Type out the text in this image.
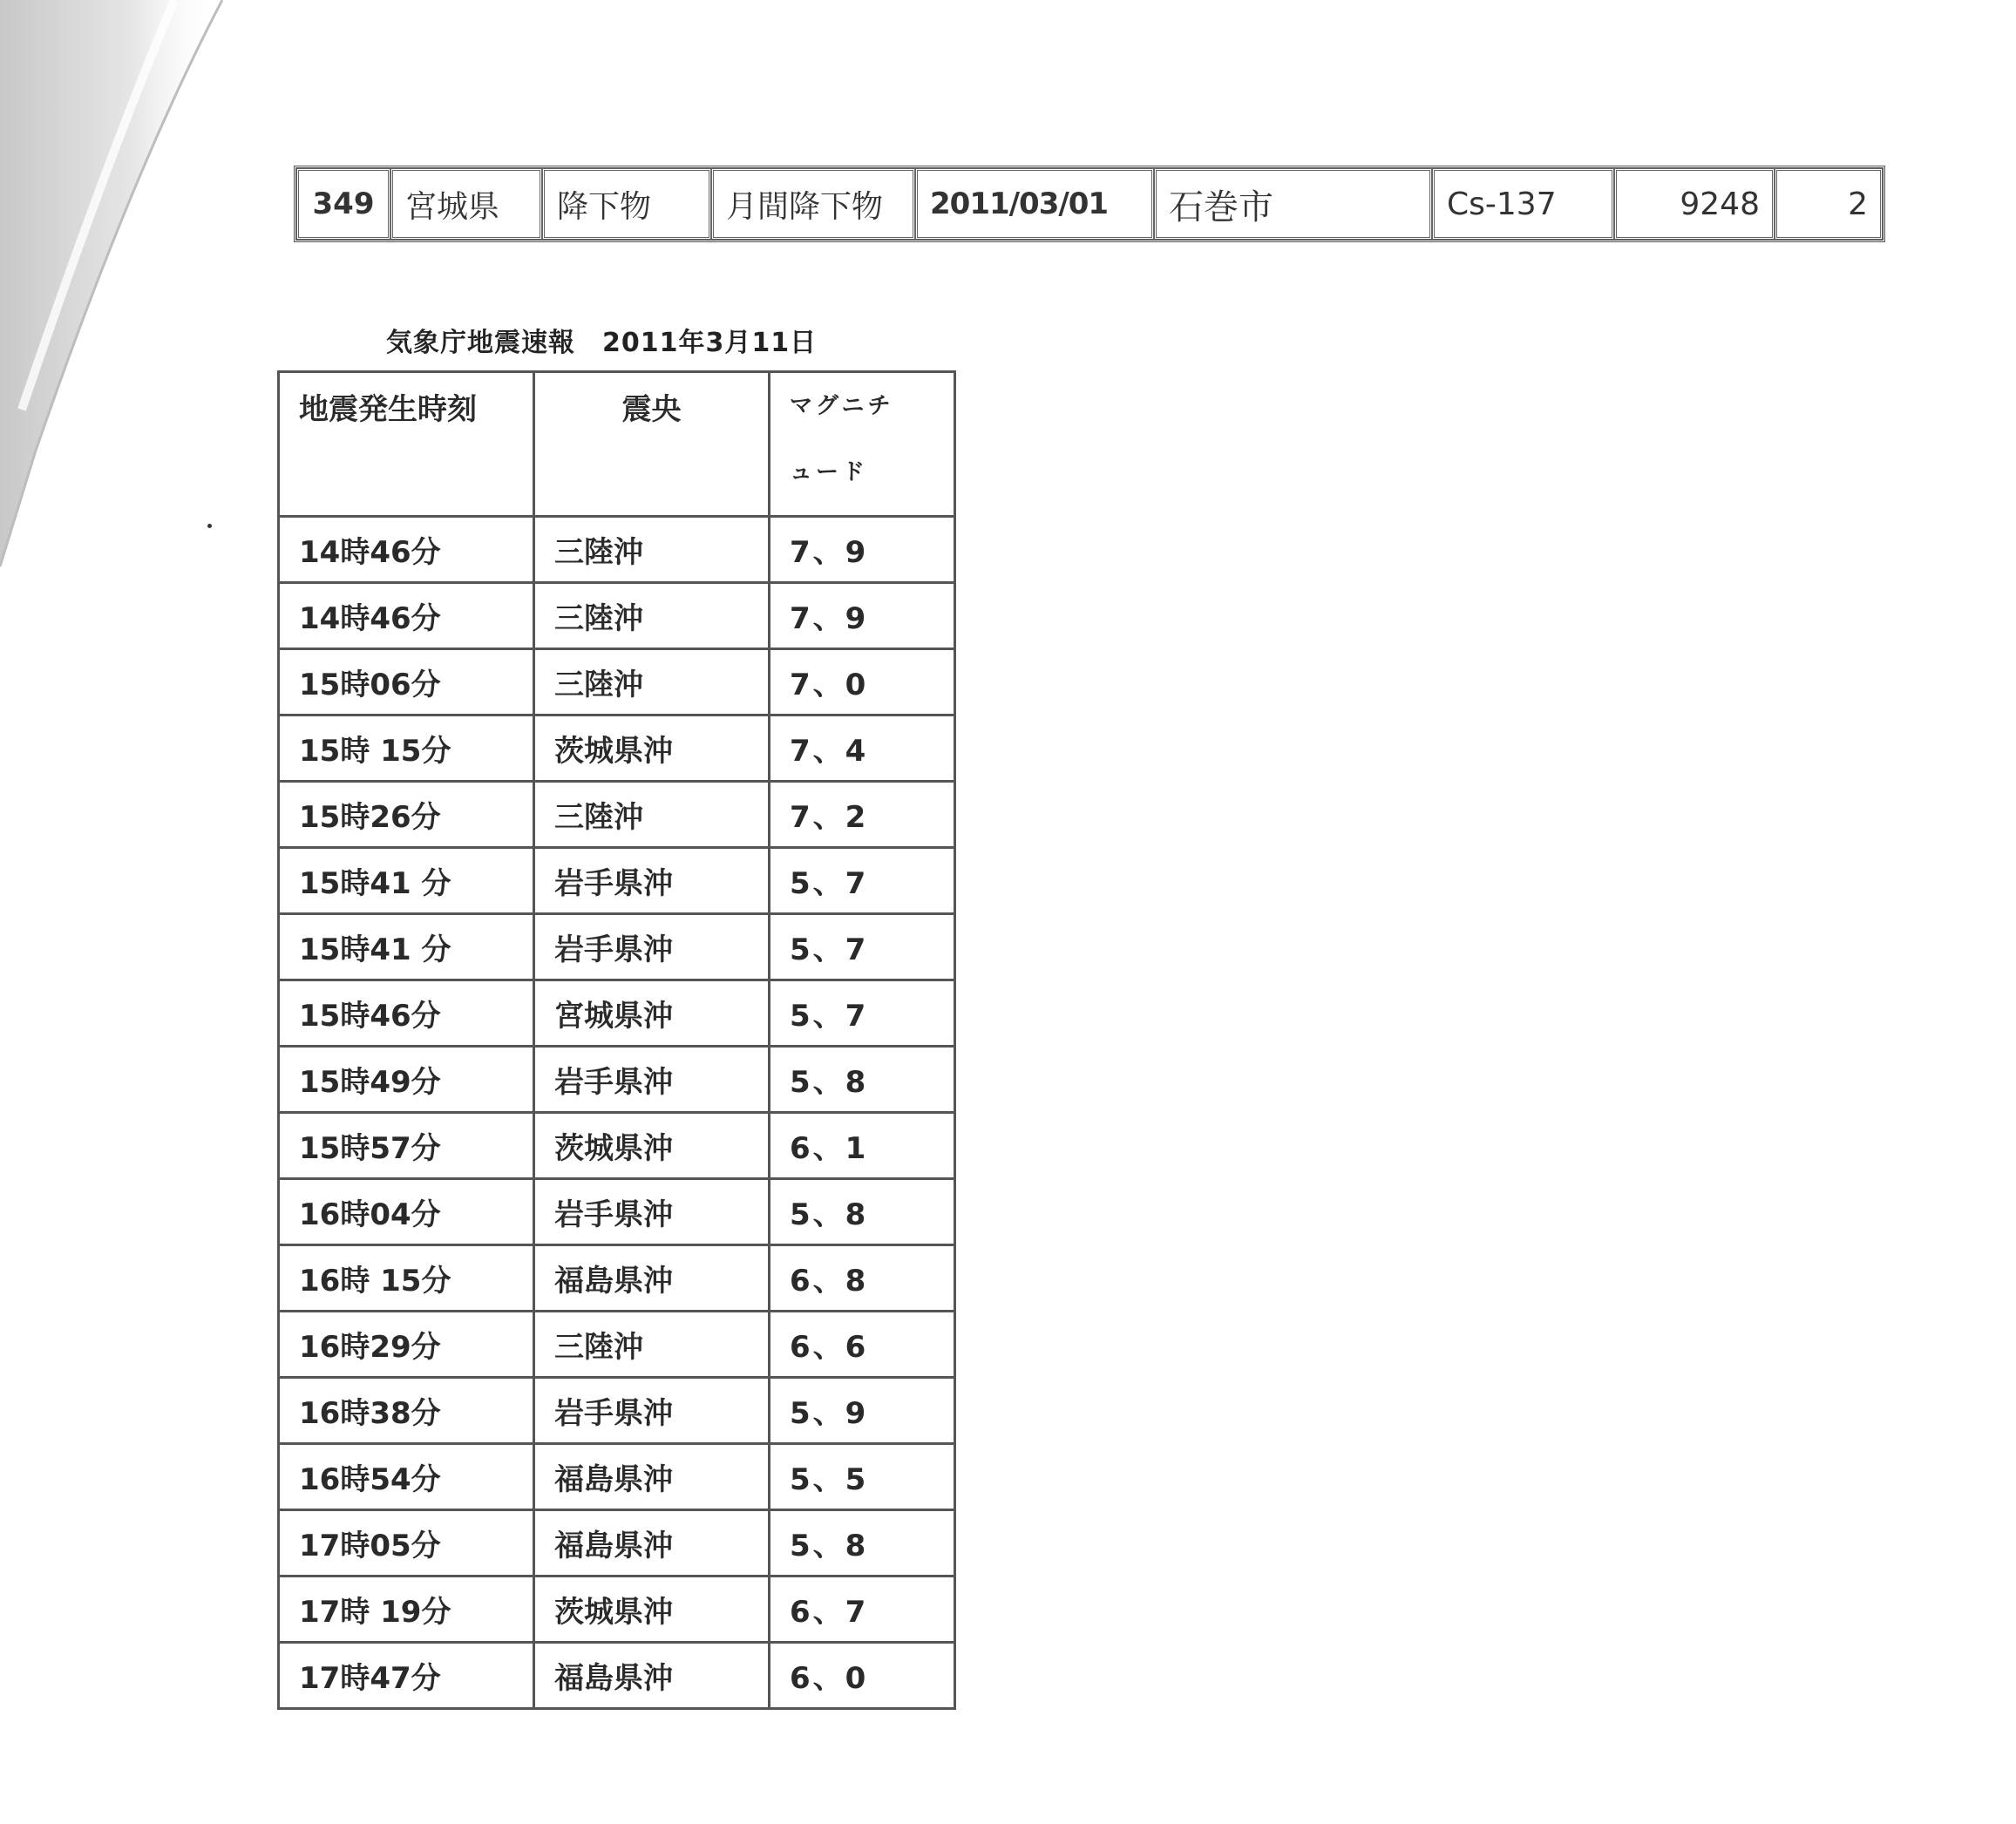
349	宮城県	降下物	月間降下物	2011/03/01	石巻市	Cs-137	9248	2
気象庁地震速報　2011年3月11日
地震発生時刻	震央	マグニチ
ュード
14時46分	三陸沖	7、9
14時46分	三陸沖	7、9
15時06分	三陸沖	7、0
15時 15分	茨城県沖	7、4
15時26分	三陸沖	7、2
15時41 分	岩手県沖	5、7
15時41 分	岩手県沖	5、7
15時46分	宮城県沖	5、7
15時49分	岩手県沖	5、8
15時57分	茨城県沖	6、1
16時04分	岩手県沖	5、8
16時 15分	福島県沖	6、8
16時29分	三陸沖	6、6
16時38分	岩手県沖	5、9
16時54分	福島県沖	5、5
17時05分	福島県沖	5、8
17時 19分	茨城県沖	6、7
17時47分	福島県沖	6、0
